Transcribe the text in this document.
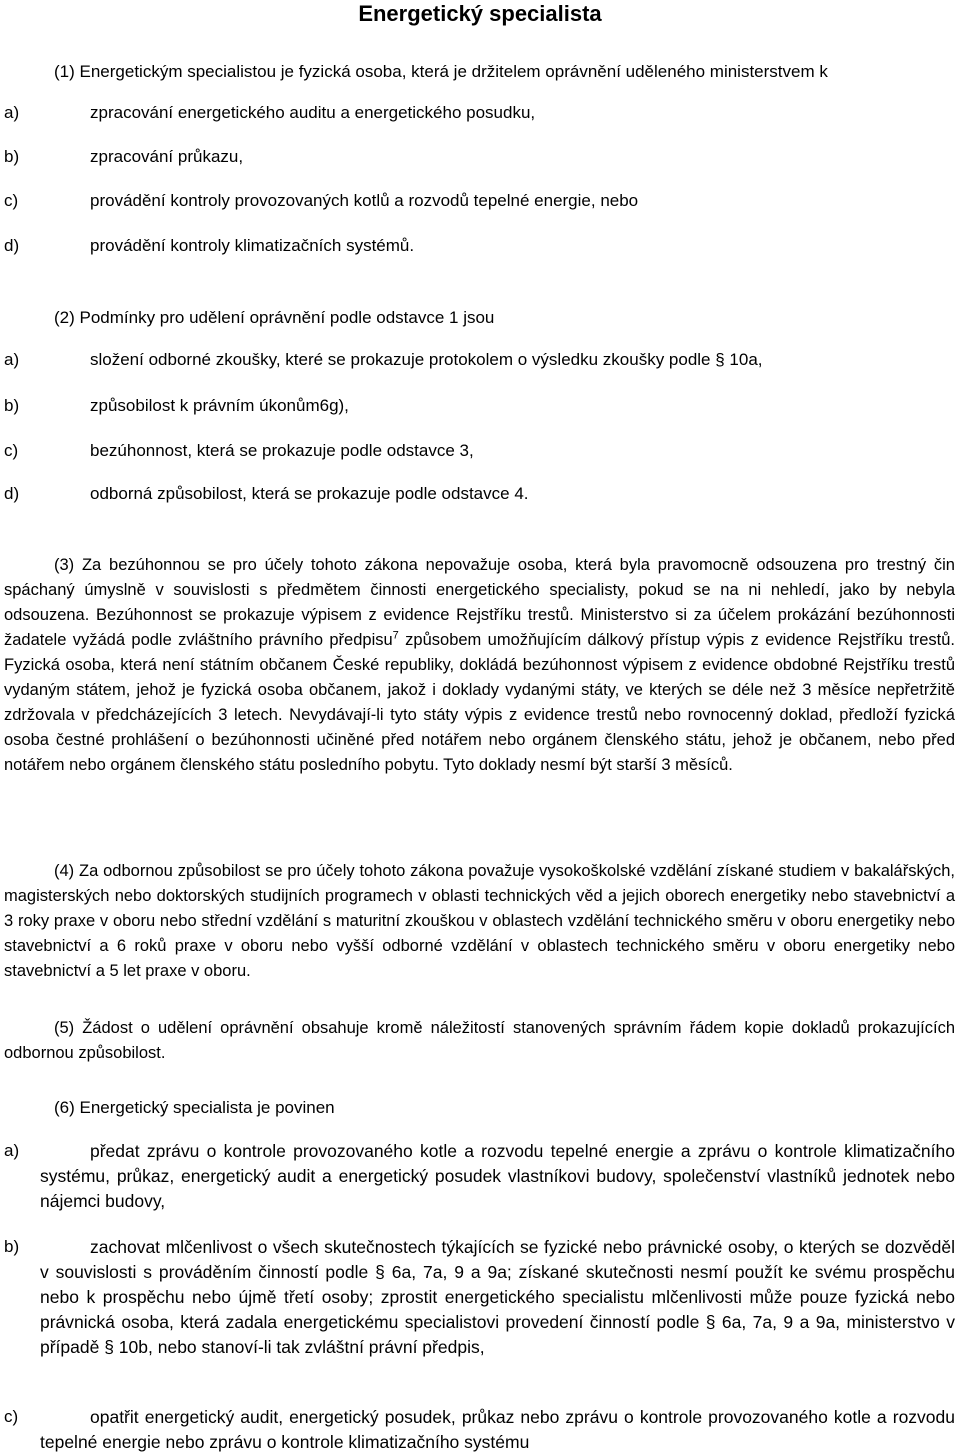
Energetický specialista
(1) Energetickým specialistou je fyzická osoba, která je držitelem oprávnění uděleného ministerstvem k
a)	zpracování energetického auditu a energetického posudku,
b)	zpracování průkazu,
c)	provádění kontroly provozovaných kotlů a rozvodů tepelné energie, nebo
d)	provádění kontroly klimatizačních systémů.
(2) Podmínky pro udělení oprávnění podle odstavce 1 jsou
a)	složení odborné zkoušky, které se prokazuje protokolem o výsledku zkoušky podle § 10a,
b)	způsobilost k právním úkonům6g),
c)	bezúhonnost, která se prokazuje podle odstavce 3,
d)	odborná způsobilost, která se prokazuje podle odstavce 4.
(3) Za bezúhonnou se pro účely tohoto zákona nepovažuje osoba, která byla pravomocně odsouzena pro trestný čin spáchaný úmyslně v souvislosti s předmětem činnosti energetického specialisty, pokud se na ni nehledí, jako by nebyla odsouzena. Bezúhonnost se prokazuje výpisem z evidence Rejstříku trestů. Ministerstvo si za účelem prokázání bezúhonnosti žadatele vyžádá podle zvláštního právního předpisu$^7$ způsobem umožňujícím dálkový přístup výpis z evidence Rejstříku trestů. Fyzická osoba, která není státním občanem České republiky, dokládá bezúhonnost výpisem z evidence obdobné Rejstříku trestů vydaným státem, jehož je fyzická osoba občanem, jakož i doklady vydanými státy, ve kterých se déle než 3 měsíce nepřetržitě zdržovala v předcházejících 3 letech. Nevydávají-li tyto státy výpis z evidence trestů nebo rovnocenný doklad, předloží fyzická osoba čestné prohlášení o bezúhonnosti učiněné před notářem nebo orgánem členského státu, jehož je občanem, nebo před notářem nebo orgánem členského státu posledního pobytu. Tyto doklady nesmí být starší 3 měsíců.
(4) Za odbornou způsobilost se pro účely tohoto zákona považuje vysokoškolské vzdělání získané studiem v bakalářských, magisterských nebo doktorských studijních programech v oblasti technických věd a jejich oborech energetiky nebo stavebnictví a 3 roky praxe v oboru nebo střední vzdělání s maturitní zkouškou v oblastech vzdělání technického směru v oboru energetiky nebo stavebnictví a 6 roků praxe v oboru nebo vyšší odborné vzdělání v oblastech technického směru v oboru energetiky nebo stavebnictví a 5 let praxe v oboru.
(5) Žádost o udělení oprávnění obsahuje kromě náležitostí stanovených správním řádem kopie dokladů prokazujících odbornou způsobilost.
(6) Energetický specialista je povinen
a)	předat zprávu o kontrole provozovaného kotle a rozvodu tepelné energie a zprávu o kontrole klimatizačního systému, průkaz, energetický audit a energetický posudek vlastníkovi budovy, společenství vlastníků jednotek nebo nájemci budovy,
b)	zachovat mlčenlivost o všech skutečnostech týkajících se fyzické nebo právnické osoby, o kterých se dozvěděl v souvislosti s prováděním činností podle § 6a, 7a, 9 a 9a; získané skutečnosti nesmí použít ke svému prospěchu nebo k prospěchu nebo újmě třetí osoby; zprostit energetického specialistu mlčenlivosti může pouze fyzická nebo právnická osoba, která zadala energetickému specialistovi provedení činností podle § 6a, 7a, 9 a 9a, ministerstvo v případě § 10b, nebo stanoví-li tak zvláštní právní předpis,
c)	opatřit energetický audit, energetický posudek, průkaz nebo zprávu o kontrole provozovaného kotle a rozvodu tepelné energie nebo zprávu o kontrole klimatizačního systému
